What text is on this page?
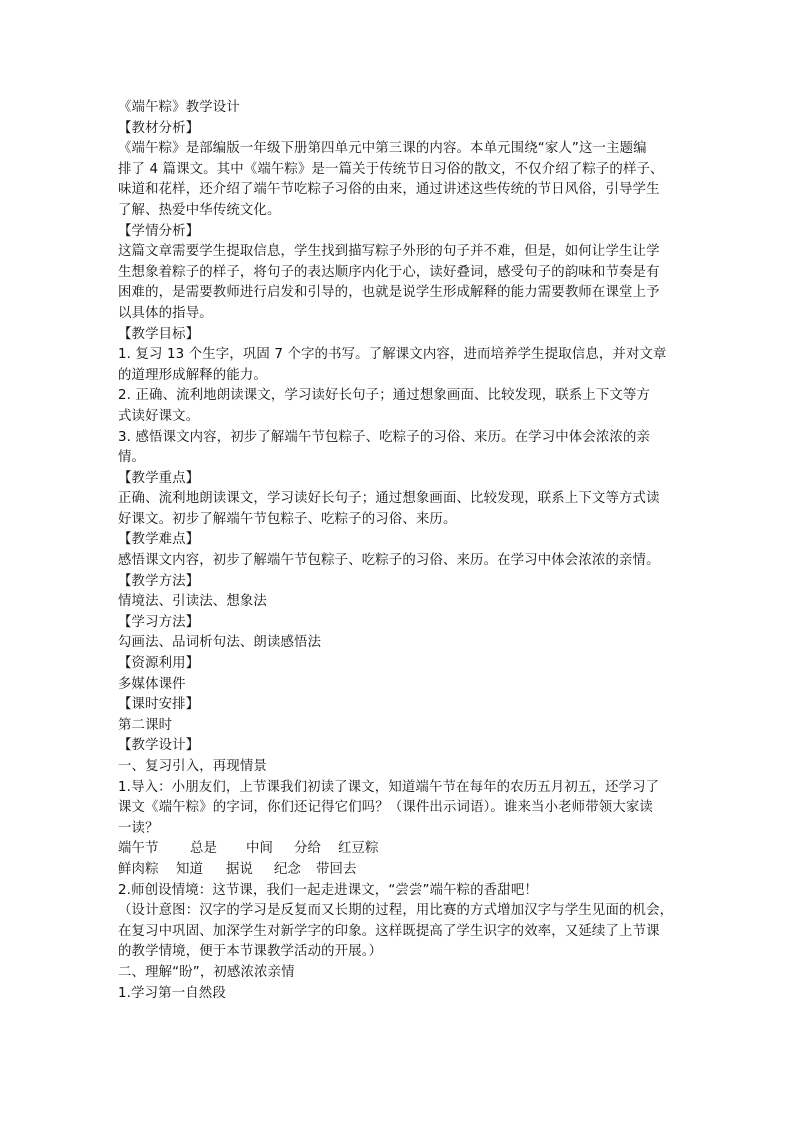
《端午粽》教学设计
【教材分析】
《端午粽》是部编版一年级下册第四单元中第三课的内容。本单元围绕“家人”这一主题编
排了 4 篇课文。其中《端午粽》是一篇关于传统节日习俗的散文，不仅介绍了粽子的样子、
味道和花样，还介绍了端午节吃粽子习俗的由来，通过讲述这些传统的节日风俗，引导学生
了解、热爱中华传统文化。
【学情分析】
这篇文章需要学生提取信息，学生找到描写粽子外形的句子并不难，但是，如何让学生让学
生想象着粽子的样子，将句子的表达顺序内化于心，读好叠词，感受句子的韵味和节奏是有
困难的，是需要教师进行启发和引导的，也就是说学生形成解释的能力需要教师在课堂上予
以具体的指导。
【教学目标】
1. 复习 13 个生字，巩固 7 个字的书写。了解课文内容，进而培养学生提取信息，并对文章
的道理形成解释的能力。
2. 正确、流利地朗读课文，学习读好长句子；通过想象画面、比较发现，联系上下文等方
式读好课文。
3. 感悟课文内容，初步了解端午节包粽子、吃粽子的习俗、来历。在学习中体会浓浓的亲
情。
【教学重点】
正确、流利地朗读课文，学习读好长句子；通过想象画面、比较发现，联系上下文等方式读
好课文。初步了解端午节包粽子、吃粽子的习俗、来历。
【教学难点】
感悟课文内容，初步了解端午节包粽子、吃粽子的习俗、来历。在学习中体会浓浓的亲情。
【教学方法】
情境法、引读法、想象法
【学习方法】
勾画法、品词析句法、朗读感悟法
【资源利用】
多媒体课件
【课时安排】
第二课时
【教学设计】
一、复习引入，再现情景
1.导入：小朋友们，上节课我们初读了课文，知道端午节在每年的农历五月初五，还学习了
课文《端午粽》的字词，你们还记得它们吗？（课件出示词语）。谁来当小老师带领大家读
一读？
端午节 总是 中间 分给 红豆粽
鲜肉粽 知道 据说 纪念 带回去
2.师创设情境：这节课，我们一起走进课文，“尝尝”端午粽的香甜吧！
（设计意图：汉字的学习是反复而又长期的过程，用比赛的方式增加汉字与学生见面的机会，
在复习中巩固、加深学生对新学字的印象。这样既提高了学生识字的效率，又延续了上节课
的教学情境，便于本节课教学活动的开展。）
二、理解“盼”，初感浓浓亲情
1.学习第一自然段
